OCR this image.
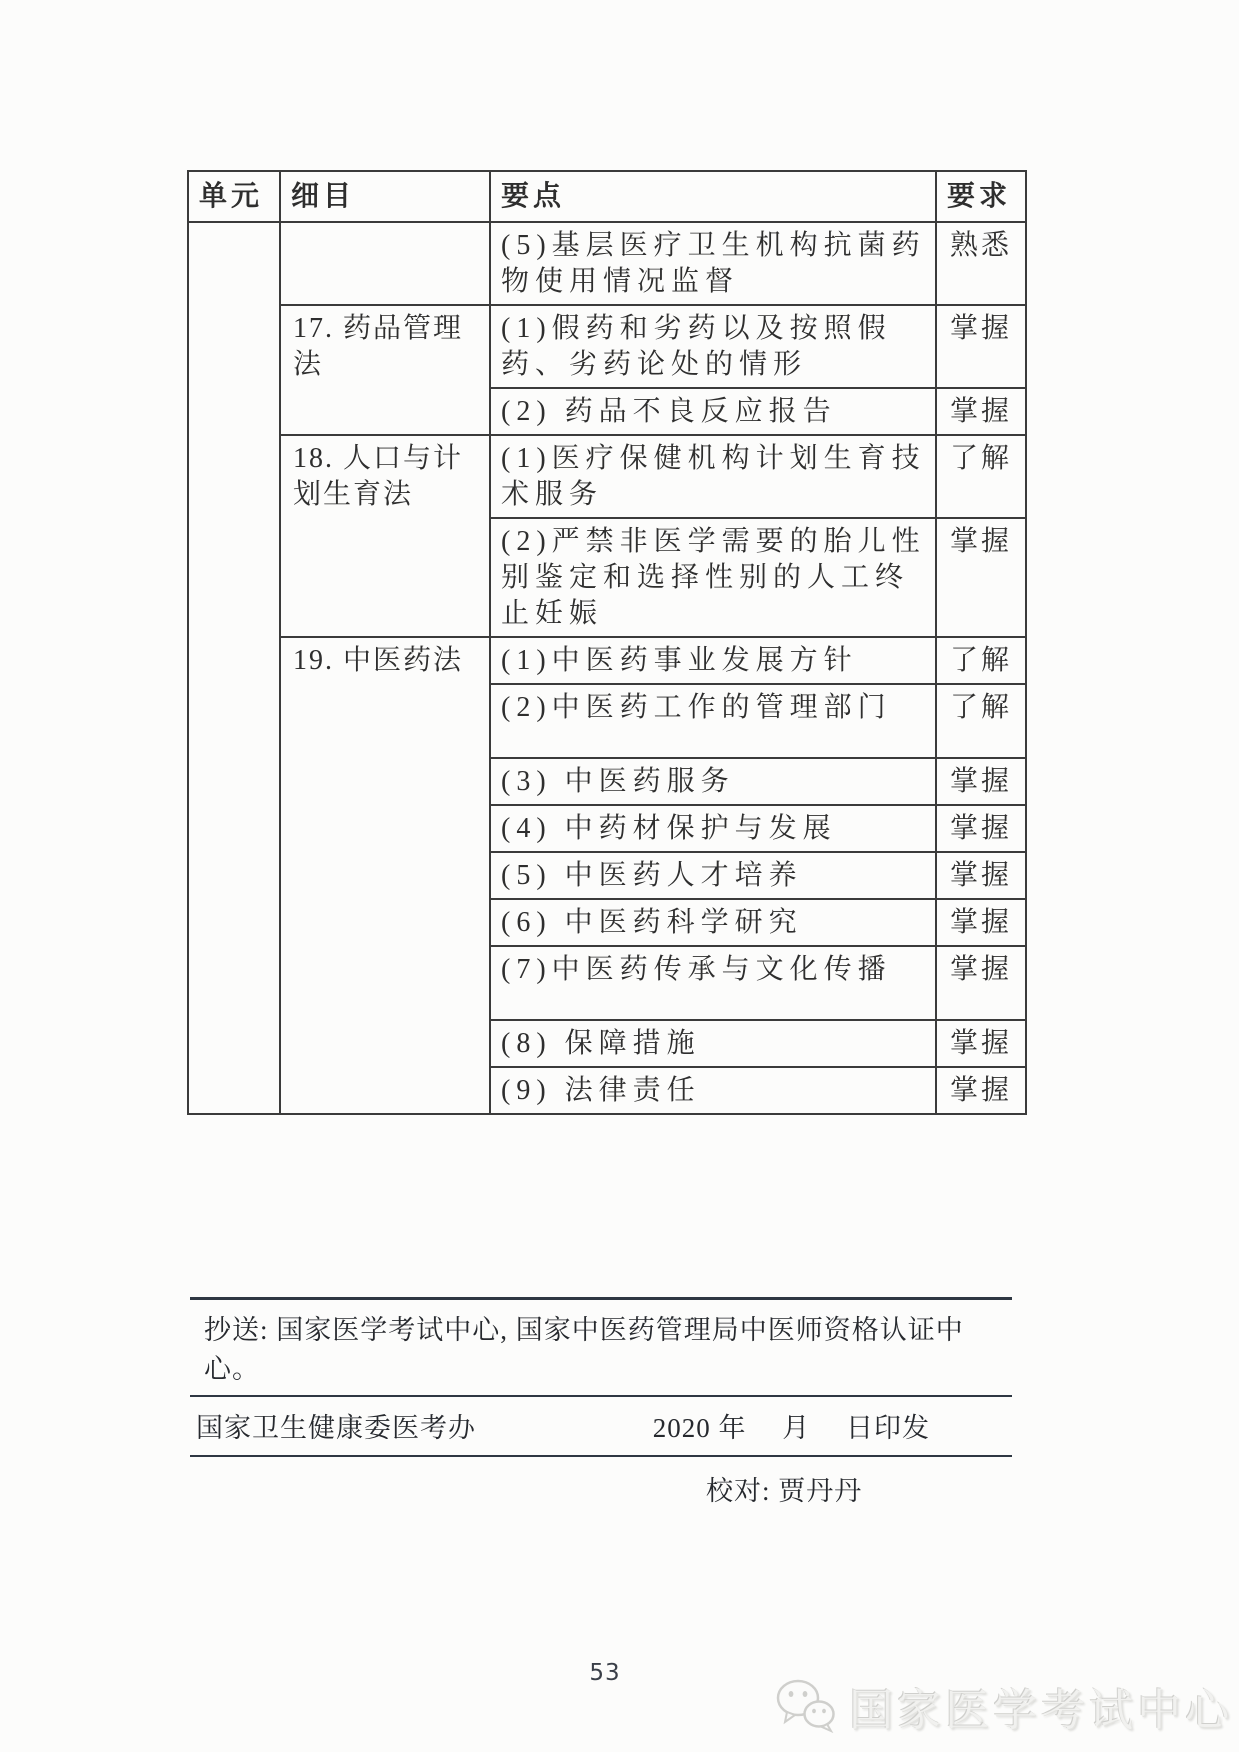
单元	细目	要点	要求
		(5)基层医疗卫生机构抗菌药物使用情况监督	熟悉
	17. 药品管理法	(1)假药和劣药以及按照假药、劣药论处的情形	掌握
		(2) 药品不良反应报告	掌握
	18. 人口与计划生育法	(1)医疗保健机构计划生育技术服务	了解
		(2)严禁非医学需要的胎儿性别鉴定和选择性别的人工终止妊娠	掌握
	19. 中医药法	(1)中医药事业发展方针	了解
		(2)中医药工作的管理部门	了解
		(3) 中医药服务	掌握
		(4) 中药材保护与发展	掌握
		(5) 中医药人才培养	掌握
		(6) 中医药科学研究	掌握
		(7)中医药传承与文化传播	掌握
		(8) 保障措施	掌握
		(9) 法律责任	掌握
抄送: 国家医学考试中心, 国家中医药管理局中医师资格认证中心。
国家卫生健康委医考办	2020 年　 月　 日印发
校对: 贾丹丹
53
国家医学考试中心
